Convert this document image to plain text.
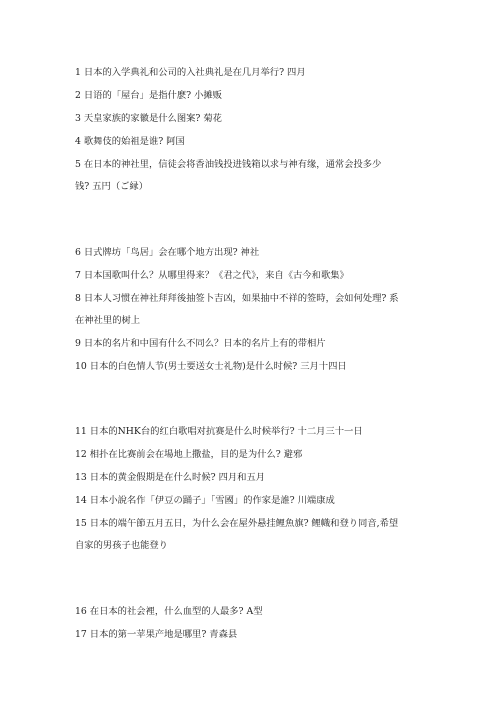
1 日本的入学典礼和公司的入社典礼是在几月举行? 四月
2 日语的「屋台」是指什麽? 小摊贩
3 天皇家族的家徽是什么图案? 菊花
4 歌舞伎的始祖是谁? 阿国
5 在日本的神社里，信徒会将香油钱投进钱箱以求与神有缘，通常会投多少
钱? 五円（ご縁）
6 日式牌坊「鸟居」会在哪个地方出现? 神社
7 日本国歌叫什么？从哪里得来？《君之代》，来自《古今和歌集》
8 日本人习惯在神社拜拜後抽签卜吉凶，如果抽中不祥的签時，会如何处理? 系
在神社里的树上
9 日本的名片和中国有什么不同么？日本的名片上有的带相片
10 日本的白色情人节(男士要送女士礼物)是什么时候? 三月十四日
11 日本的NHK台的红白歌唱对抗赛是什么时候举行? 十二月三十一日
12 相扑在比赛前会在場地上撒盐，目的是为什么? 避邪
13 日本的黄金假期是在什么时候? 四月和五月
14 日本小說名作「伊豆の踊子」「雪國」的作家是誰? 川端康成
15 日本的端午節五月五日，为什么会在屋外悬挂鲤魚旗? 鲤幟和登り同音,希望
自家的男孩子也能登り
16 在日本的社会裡，什么血型的人最多? A型
17 日本的第一苹果产地是哪里? 青森县
